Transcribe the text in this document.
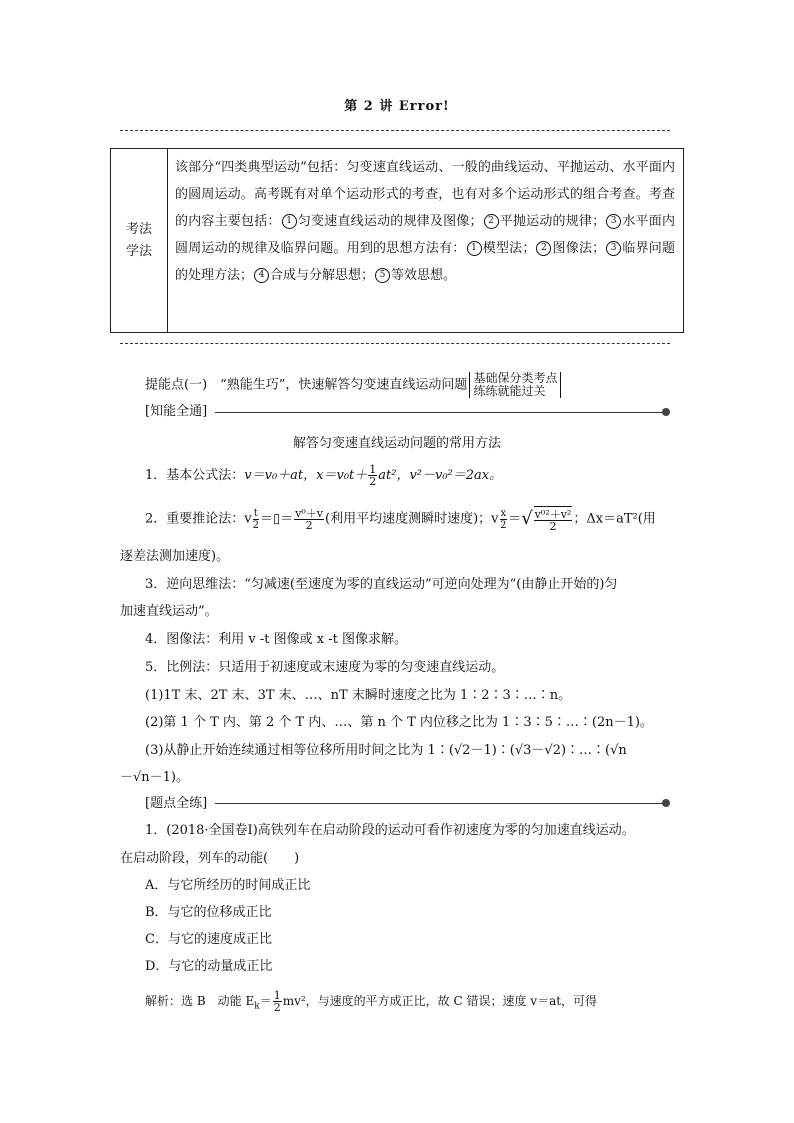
第 2 讲 Error!
考法
学法
该部分“四类典型运动”包括：匀变速直线运动、一般的曲线运动、平抛运动、水平面内的圆周运动。高考既有对单个运动形式的考查，也有对多个运动形式的组合考查。考查的内容主要包括： 1 匀变速直线运动的规律及图像； 2 平抛运动的规律； 3 水平面内圆周运动的规律及临界问题。用到的思想方法有： 1 模型法； 2 图像法； 3 临界问题的处理方法； 4 合成与分解思想； 5 等效思想。
提能点(一)　“熟能生巧”，快速解答匀变速直线运动问题 基础保分类考点
练练就能过关
[知能全通]
解答匀变速直线运动问题的常用方法
1．基本公式法：v＝v₀＋at，$x=v_0t+ \frac{1}{2} at^2$，v²－v₀²＝2ax。
2．重要推论法：v $\frac{t}{2}$ ＝▯＝ $\frac{\text{v⁰＋v}}{2}$ (利用平均速度测瞬时速度)；v $\frac{x}{2}$ ＝√ $\frac{\text{v⁰²＋v²}}{2}$ ；Δx＝aT²(用
逐差法测加速度)。
3．逆向思维法：“匀减速(至速度为零的直线运动”可逆向处理为“(由静止开始的)匀
加速直线运动”。
4．图像法：利用 v -t 图像或 x -t 图像求解。
5．比例法：只适用于初速度或末速度为零的匀变速直线运动。
(1)1T 末、2T 末、3T 末、…、nT 末瞬时速度之比为 1∶2∶3∶…∶n。
(2)第 1 个 T 内、第 2 个 T 内、…、第 n 个 T 内位移之比为 1∶3∶5∶…∶(2n－1)。
(3)从静止开始连续通过相等位移所用时间之比为 1∶(√2－1)∶(√3－√2)∶…∶(√n
－√n－1)。
[题点全练]
1．(2018·全国卷Ⅰ)高铁列车在启动阶段的运动可看作初速度为零的匀加速直线运动。
在启动阶段，列车的动能(　　)
A．与它所经历的时间成正比
B．与它的位移成正比
C．与它的速度成正比
D．与它的动量成正比
解析：选 B　动能 $E_k= \frac{1}{2} mv^2$，与速度的平方成正比，故 C 错误；速度 v＝at，可得
